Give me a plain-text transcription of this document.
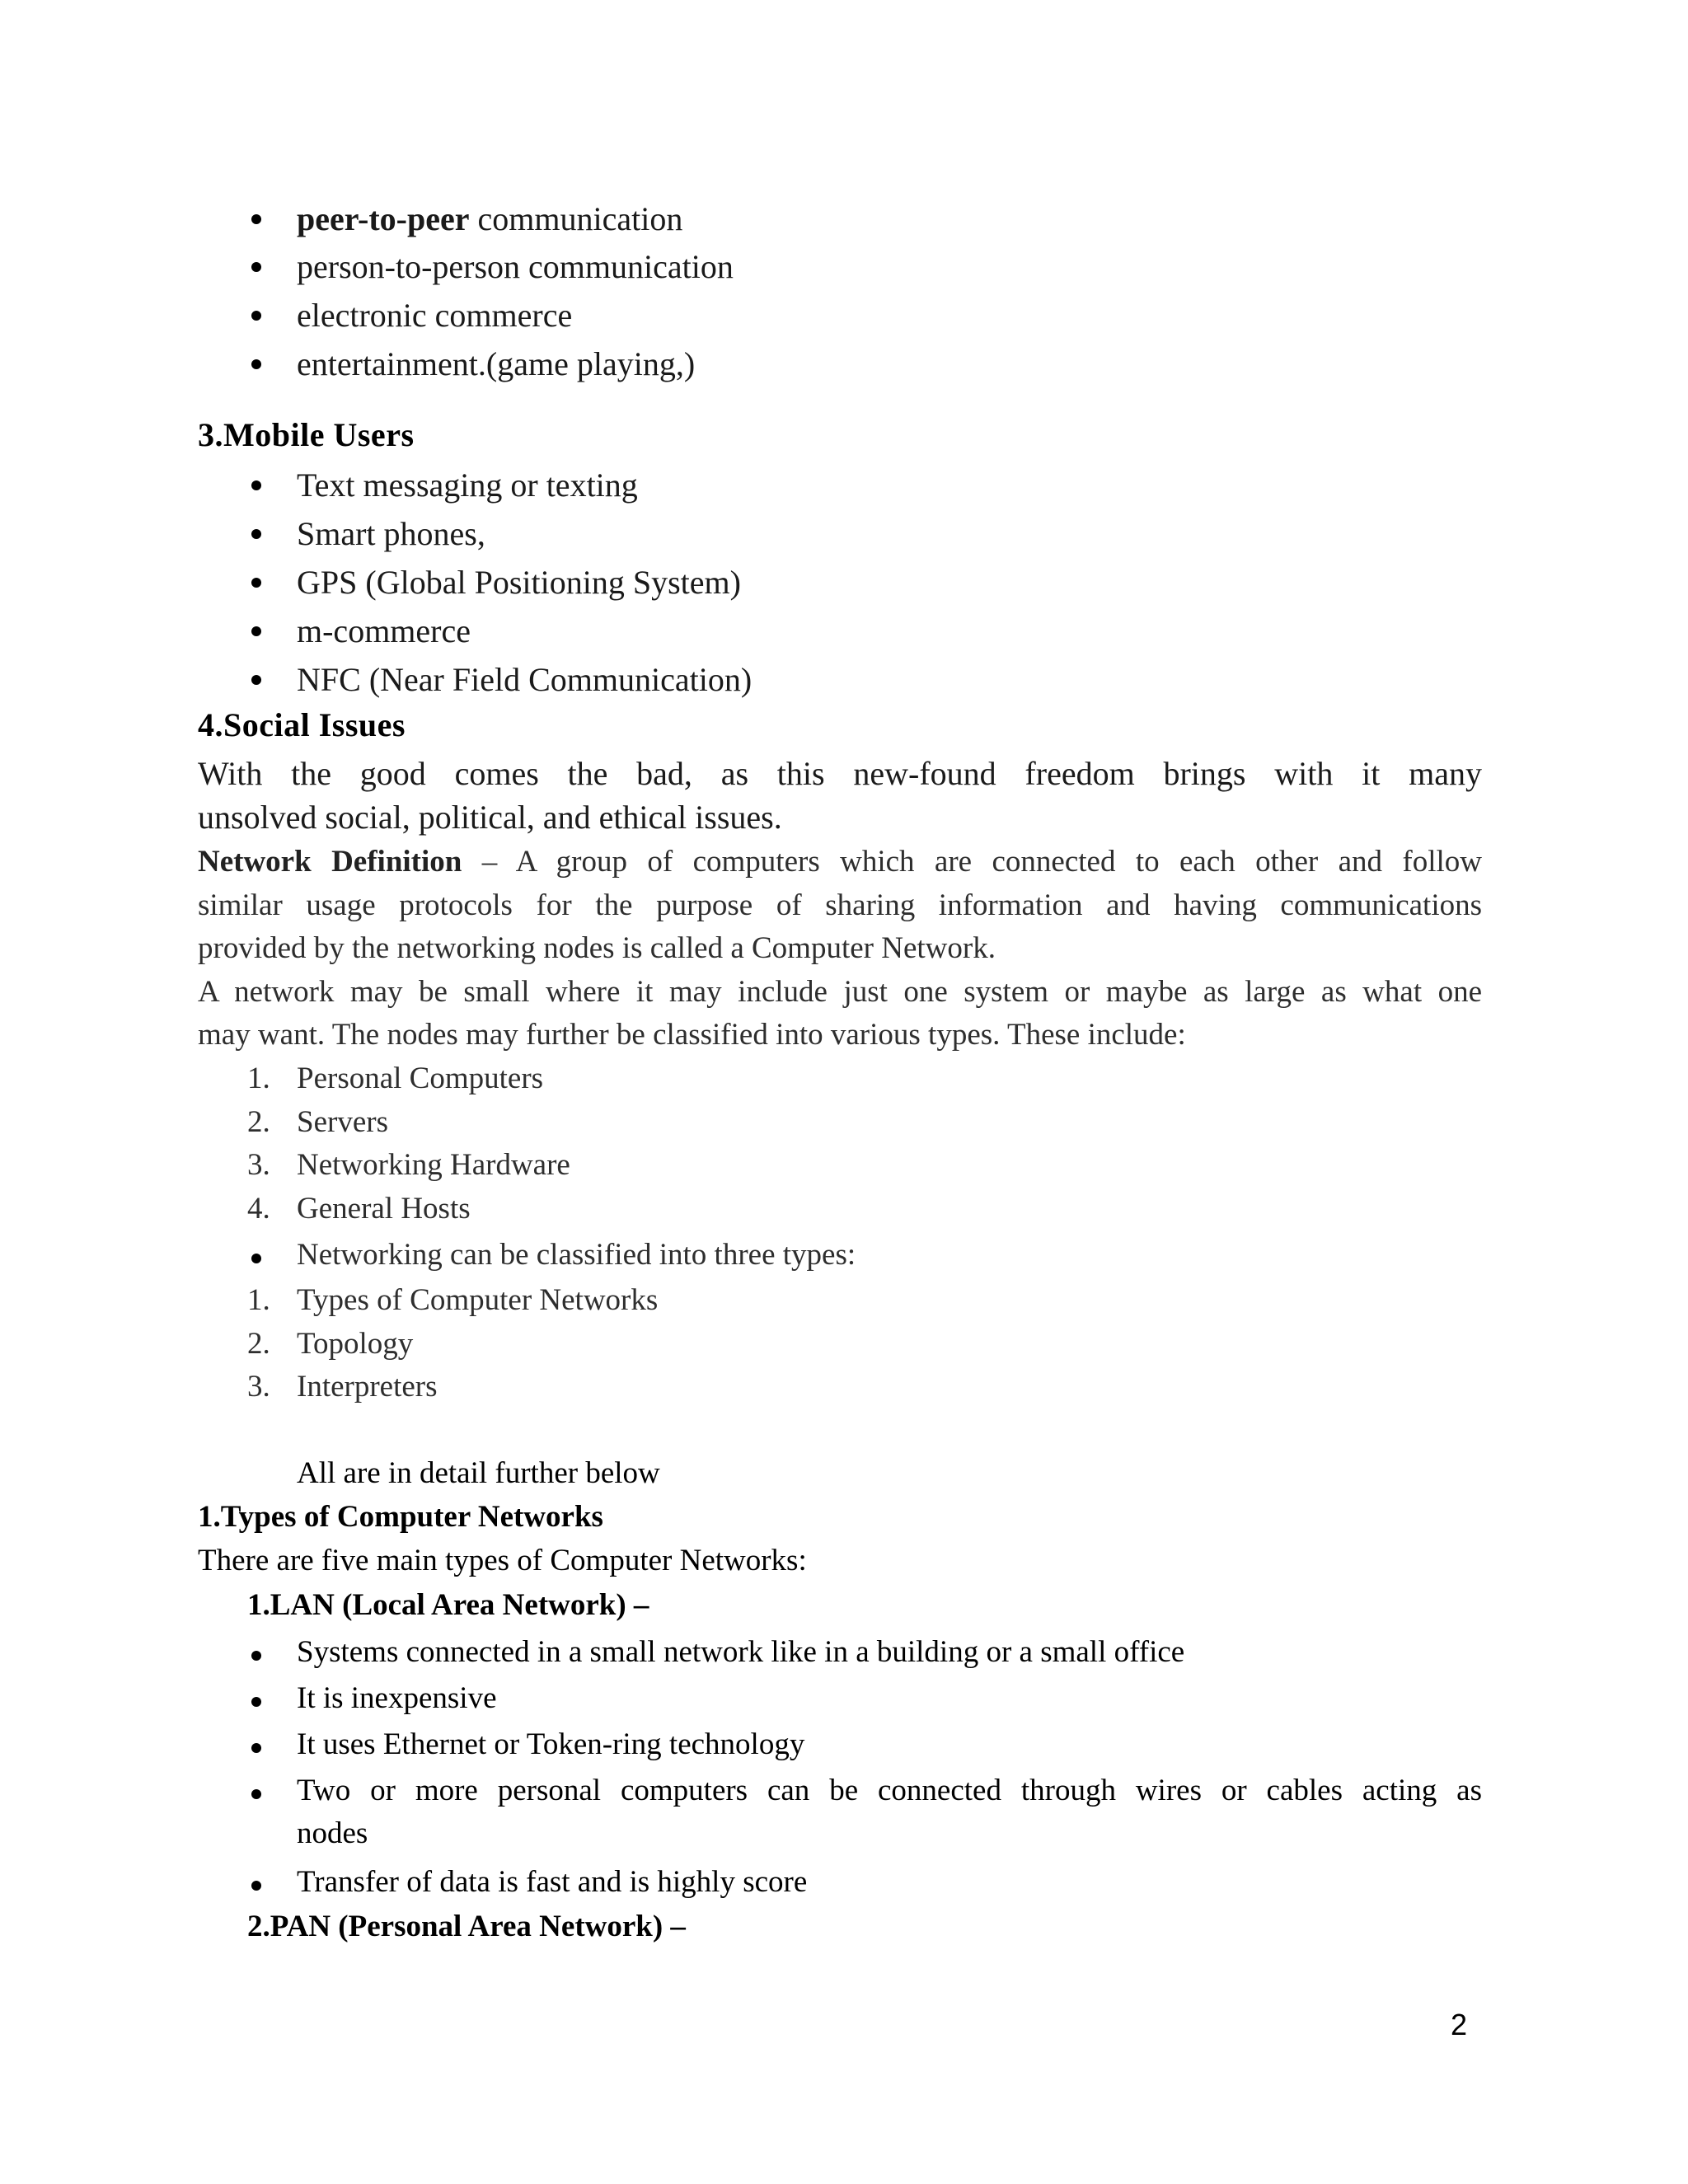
peer-to-peer communication
person-to-person communication
electronic commerce
entertainment.(game playing,)
3.Mobile Users
Text messaging or texting
Smart phones,
GPS (Global Positioning System)
m-commerce
NFC (Near Field Communication)
4.Social Issues
With the good comes the bad, as this new-found freedom brings with it many
unsolved social, political, and ethical issues.
Network Definition – A group of computers which are connected to each other and follow
similar usage protocols for the purpose of sharing information and having communications
provided by the networking nodes is called a Computer Network.
A network may be small where it may include just one system or maybe as large as what one
may want. The nodes may further be classified into various types. These include:
1. Personal Computers
2. Servers
3. Networking Hardware
4. General Hosts
Networking can be classified into three types:
1. Types of Computer Networks
2. Topology
3. Interpreters
All are in detail further below
1.Types of Computer Networks
There are five main types of Computer Networks:
1.LAN (Local Area Network) –
Systems connected in a small network like in a building or a small office
It is inexpensive
It uses Ethernet or Token-ring technology
Two or more personal computers can be connected through wires or cables acting as
nodes
Transfer of data is fast and is highly score
2.PAN (Personal Area Network) –
2
